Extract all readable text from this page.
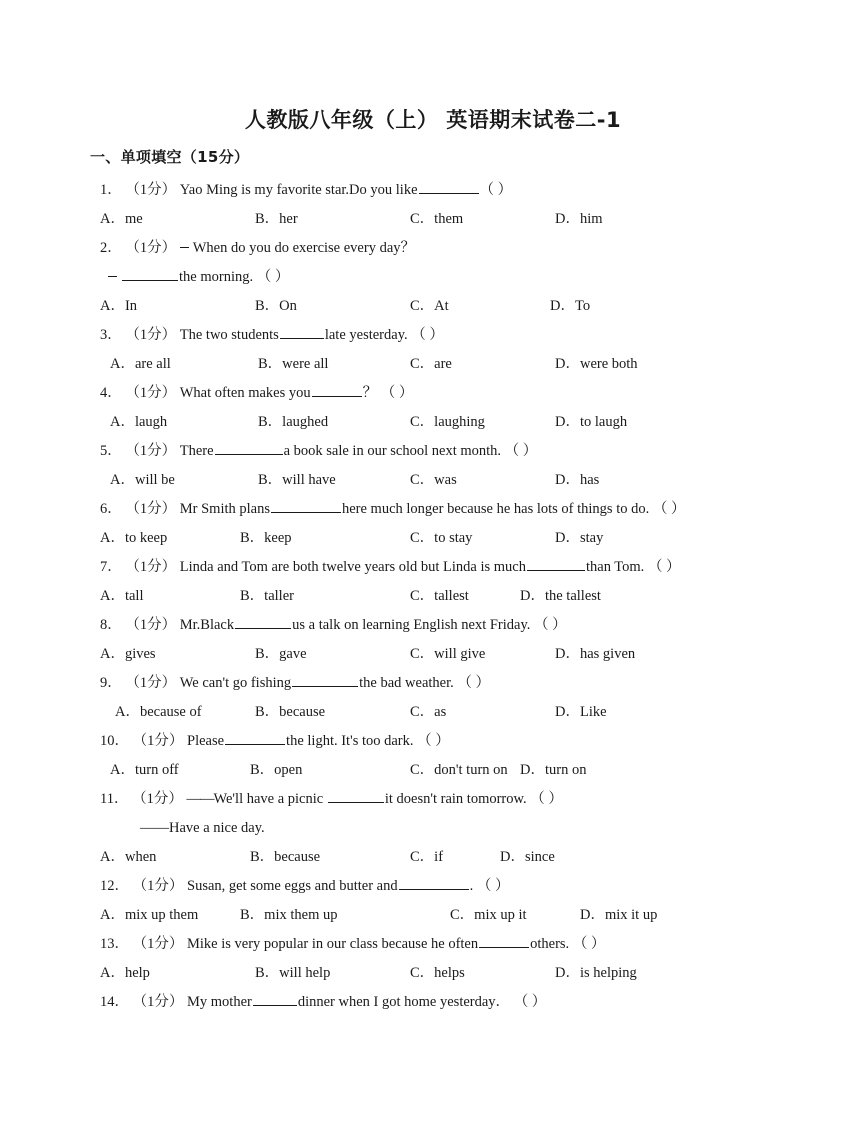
人教版八年级（上） 英语期末试卷二-1
一、单项填空（15分）
1． （1分） Yao Ming is my favorite star.Do you like	（ ）
A．me	B．her	C．them	D．him
2． （1分） When do you do exercise every day？
the morning. （ ）
A．In	B．On	C．At	D．To
3． （1分） The two students	late yesterday. （ ）
A．are all	B．were all	C．are	D．were both
4． （1分） What often makes you	？ （ ）
A．laugh	B．laughed	C．laughing	D．to laugh
5． （1分） There	a book sale in our school next month. （ ）
A．will be	B．will have	C．was	D．has
6． （1分） Mr Smith plans	here much longer because he has lots of things to do. （ ）
A．to keep	B．keep	C．to stay	D．stay
7． （1分） Linda and Tom are both twelve years old but Linda is much	than Tom. （ ）
A．tall	B．taller	C．tallest	D．the tallest
8． （1分） Mr.Black	us a talk on learning English next Friday. （ ）
A．gives	B．gave	C．will give	D．has given
9． （1分） We can't go fishing	the bad weather. （ ）
A．because of	B．because	C．as	D．Like
10． （1分） Please	the light. It's too dark. （ ）
A．turn off	B．open	C．don't turn on D．turn on
11． （1分） ——We'll have a picnic	it doesn't rain tomorrow. （ ）
——Have a nice day.
A．when	B．because	C．if	D．since
12． （1分） Susan, get some eggs and butter and	. （ ）
A．mix up them	B．mix them up	C．mix up it	D．mix it up
13． （1分） Mike is very popular in our class because he often	others. （ ）
A．help	B．will help	C．helps	D．is helping
14． （1分） My mother	dinner when I got home yesterday． （ ）
